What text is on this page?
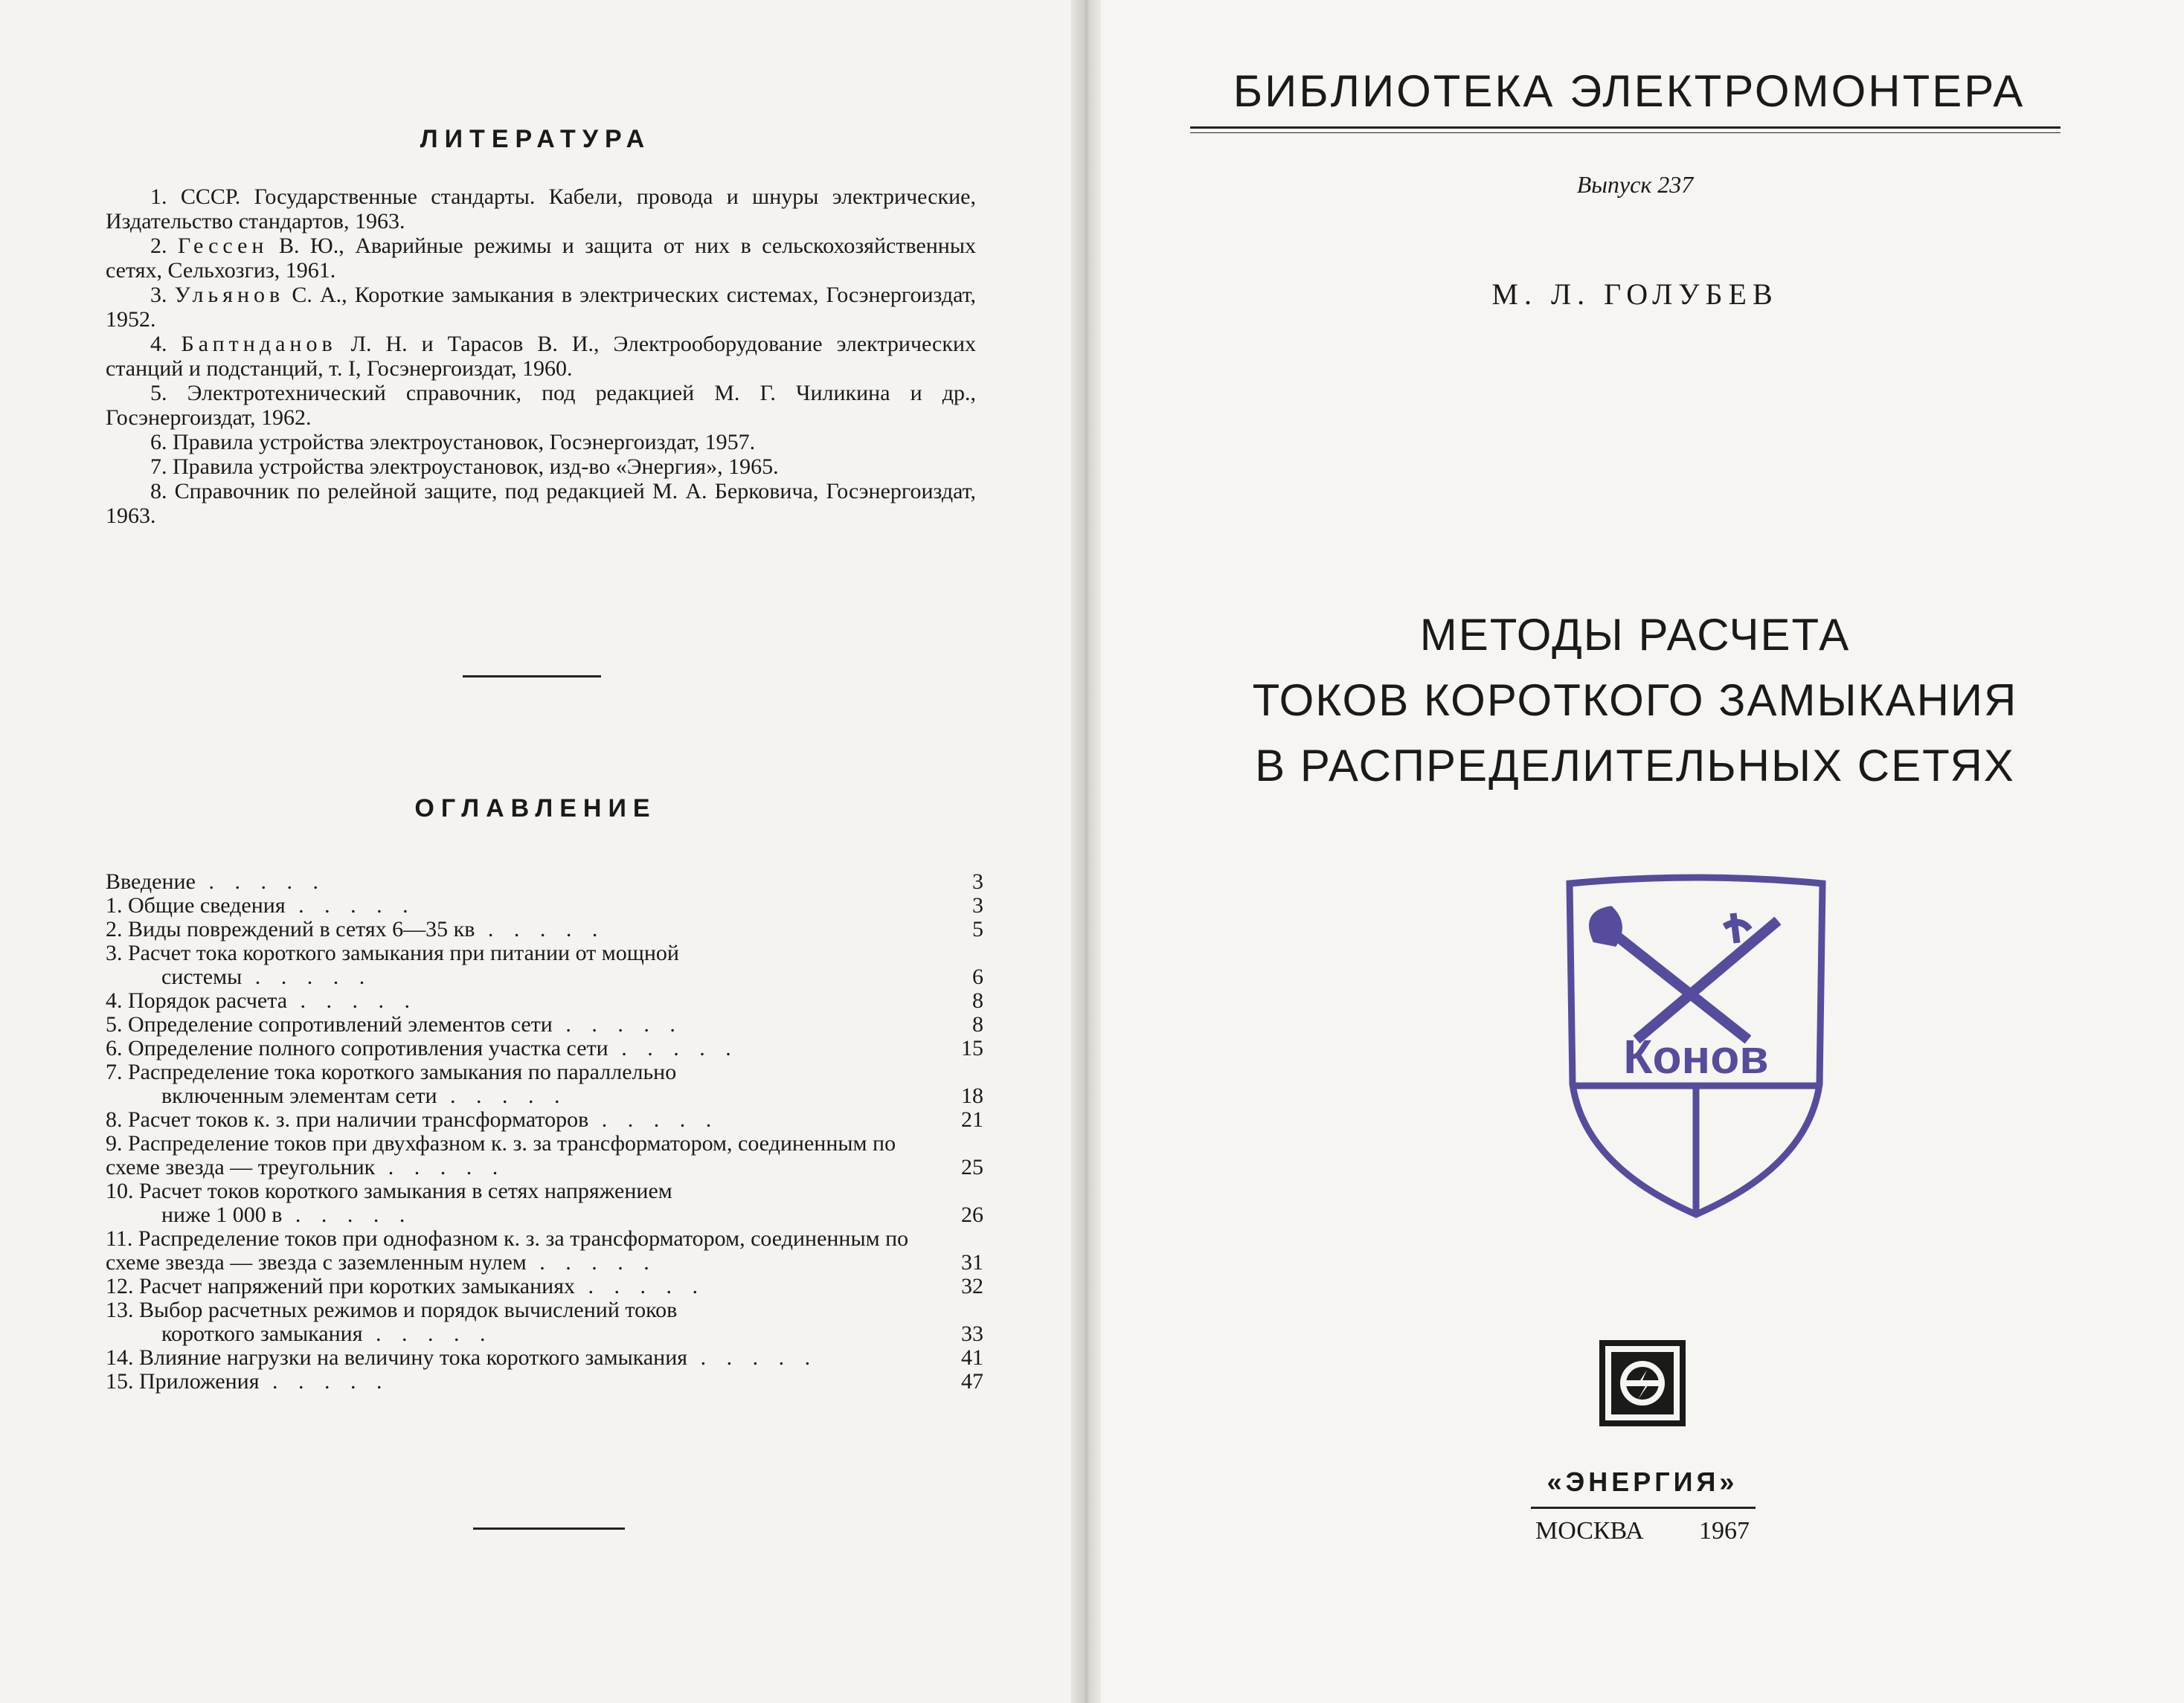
ЛИТЕРАТУРА
1. СССР. Государственные стандарты. Кабели, провода и шнуры электрические, Издательство стандартов, 1963.
2. Гессен В. Ю., Аварийные режимы и защита от них в сельскохозяйственных сетях, Сельхозгиз, 1961.
3. Ульянов С. А., Короткие замыкания в электрических системах, Госэнергоиздат, 1952.
4. Баптнданов Л. Н. и Тарасов В. И., Электрооборудование электрических станций и подстанций, т. I, Госэнергоиздат, 1960.
5. Электротехнический справочник, под редакцией М. Г. Чиликина и др., Госэнергоиздат, 1962.
6. Правила устройства электроустановок, Госэнергоиздат, 1957.
7. Правила устройства электроустановок, изд-во «Энергия», 1965.
8. Справочник по релейной защите, под редакцией М. А. Берковича, Госэнергоиздат, 1963.
ОГЛАВЛЕНИЕ
Введение . . . . .	3
1. Общие сведения . . . . .	3
2. Виды повреждений в сетях 6—35 кв . . . . .	5
3. Расчет тока короткого замыкания при питании от мощной
системы . . . . .	6
4. Порядок расчета . . . . .	8
5. Определение сопротивлений элементов сети . . . . .	8
6. Определение полного сопротивления участка сети . . . . .	15
7. Распределение тока короткого замыкания по параллельно
включенным элементам сети . . . . .	18
8. Расчет токов к. з. при наличии трансформаторов . . . . .	21
9. Распределение токов при двухфазном к. з. за трансформатором, соединенным по схеме звезда — треугольник . . . . .	25
10. Расчет токов короткого замыкания в сетях напряжением
ниже 1 000 в . . . . .	26
11. Распределение токов при однофазном к. з. за трансформатором, соединенным по схеме звезда — звезда с заземленным нулем . . . . .	31
12. Расчет напряжений при коротких замыканиях . . . . .	32
13. Выбор расчетных режимов и порядок вычислений токов
короткого замыкания . . . . .	33
14. Влияние нагрузки на величину тока короткого замыкания . . . . .	41
15. Приложения . . . . .	47
БИБЛИОТЕКА ЭЛЕКТРОМОНТЕРА
Выпуск 237
М. Л. ГОЛУБЕВ
МЕТОДЫ РАСЧЕТА
ТОКОВ КОРОТКОГО ЗАМЫКАНИЯ
В РАСПРЕДЕЛИТЕЛЬНЫХ СЕТЯХ
Конов
«ЭНЕРГИЯ»
МОСКВА 1967
